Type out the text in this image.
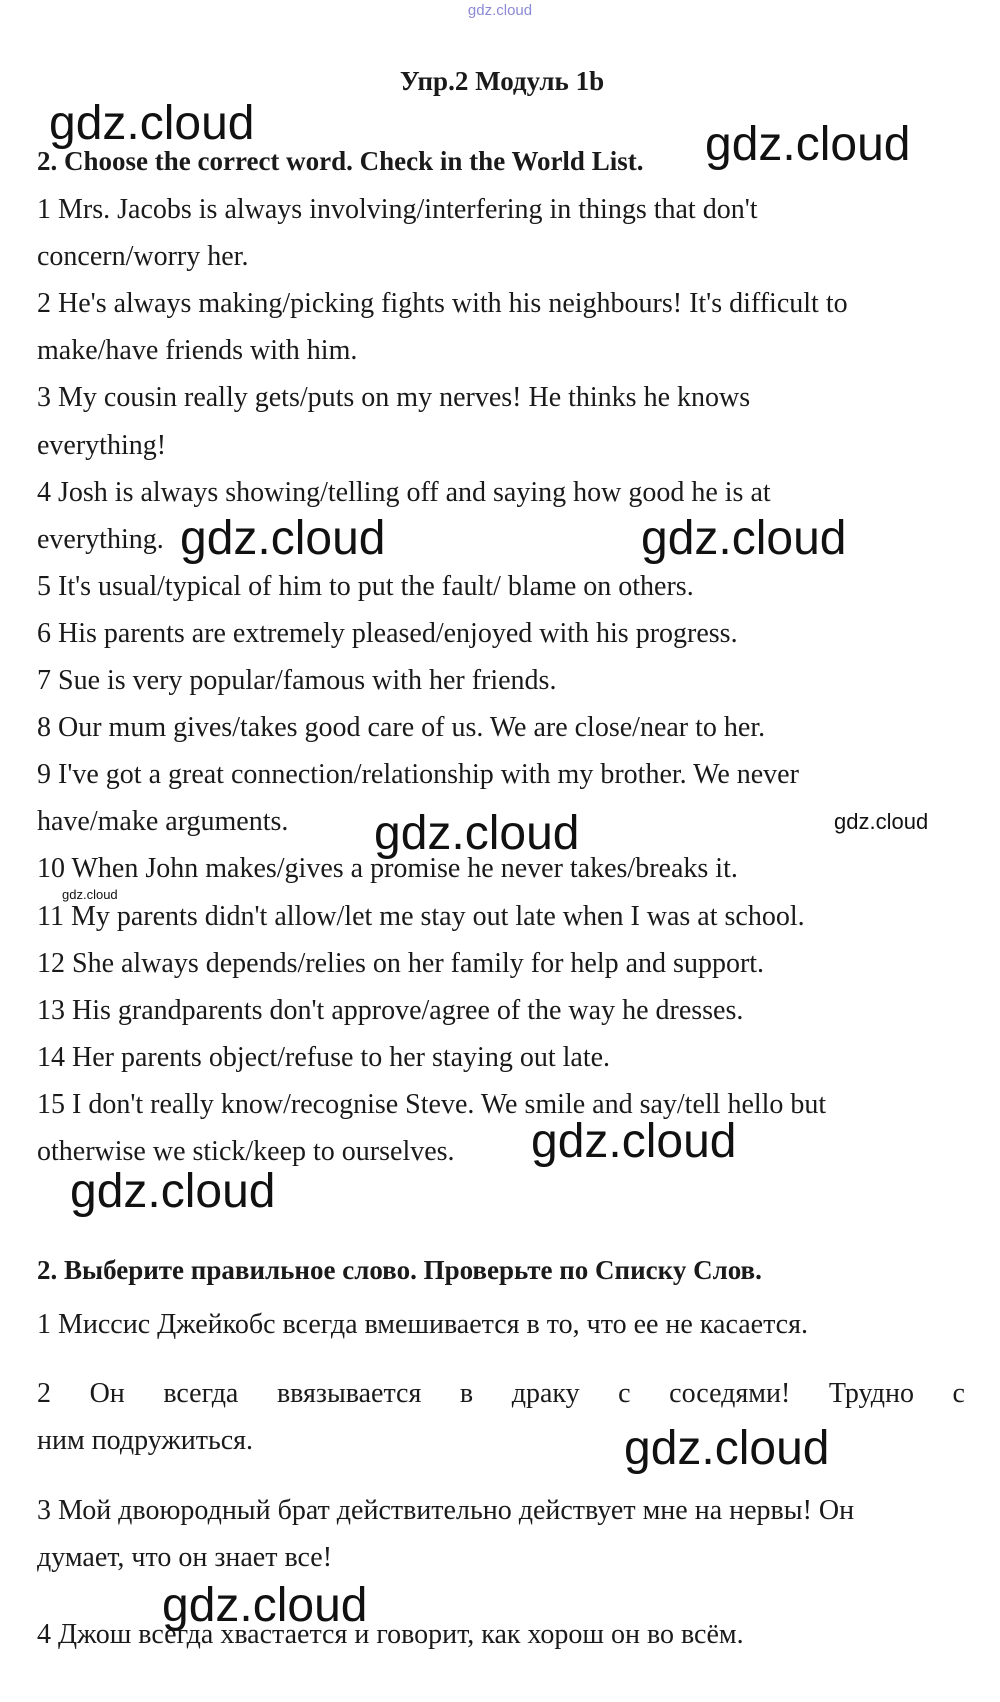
gdz.cloud
Упр.2 Модуль 1b
2. Choose the correct word. Check in the World List.
1 Mrs. Jacobs is always involving/interfering in things that don't
concern/worry her.
2 He's always making/picking fights with his neighbours! It's difficult to
make/have friends with him.
3 My cousin really gets/puts on my nerves! He thinks he knows
everything!
4 Josh is always showing/telling off and saying how good he is at
everything.
5 It's usual/typical of him to put the fault/ blame on others.
6 His parents are extremely pleased/enjoyed with his progress.
7 Sue is very popular/famous with her friends.
8 Our mum gives/takes good care of us. We are close/near to her.
9 I've got a great connection/relationship with my brother. We never
have/make arguments.
10 When John makes/gives a promise he never takes/breaks it.
11 My parents didn't allow/let me stay out late when I was at school.
12 She always depends/relies on her family for help and support.
13 His grandparents don't approve/agree of the way he dresses.
14 Her parents object/refuse to her staying out late.
15 I don't really know/recognise Steve. We smile and say/tell hello but
otherwise we stick/keep to ourselves.
2. Выберите правильное слово. Проверьте по Списку Слов.
1 Миссис Джейкобс всегда вмешивается в то, что ее не касается.
2 Он всегда ввязывается в драку с соседями! Трудно с
ним подружиться.
3 Мой двоюродный брат действительно действует мне на нервы! Он
думает, что он знает все!
4 Джош всегда хвастается и говорит, как хорош он во всём.
gdz.cloud	gdz.cloud
gdz.cloud	gdz.cloud
gdz.cloud	gdz.cloud
gdz.cloud
gdz.cloud
gdz.cloud
gdz.cloud
gdz.cloud
